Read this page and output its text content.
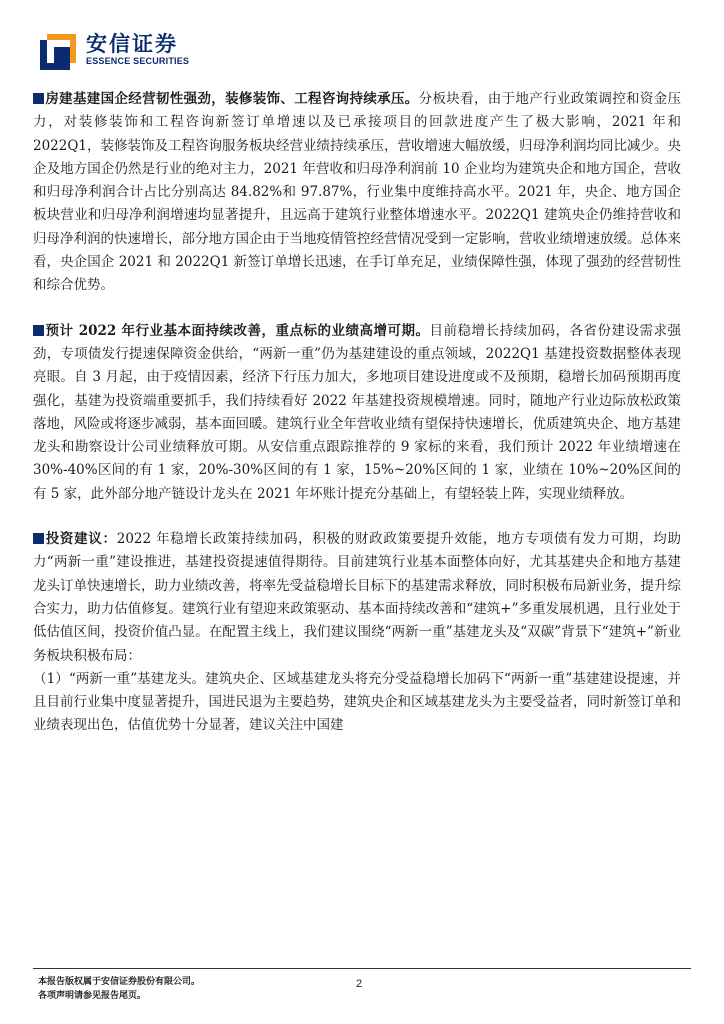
安信证券
ESSENCE SECURITIES

房建基建国企经营韧性强劲，装修装饰、工程咨询持续承压。分板块看，由于地产行业政策调控和资金压力，对装修装饰和工程咨询新签订单增速以及已承接项目的回款进度产生了极大影响，2021 年和 2022Q1，装修装饰及工程咨询服务板块经营业绩持续承压，营收增速大幅放缓，归母净利润均同比减少。央企及地方国企仍然是行业的绝对主力，2021 年营收和归母净利润前 10 企业均为建筑央企和地方国企，营收和归母净利润合计占比分别高达 84.82%和 97.87%，行业集中度维持高水平。2021 年，央企、地方国企板块营业和归母净利润增速均显著提升，且远高于建筑行业整体增速水平。2022Q1 建筑央企仍维持营收和归母净利润的快速增长，部分地方国企由于当地疫情管控经营情况受到一定影响，营收业绩增速放缓。总体来看，央企国企 2021 和 2022Q1 新签订单增长迅速，在手订单充足，业绩保障性强，体现了强劲的经营韧性和综合优势。

预计 2022 年行业基本面持续改善，重点标的业绩高增可期。目前稳增长持续加码，各省份建设需求强劲，专项债发行提速保障资金供给，“两新一重”仍为基建建设的重点领域，2022Q1 基建投资数据整体表现亮眼。自 3 月起，由于疫情因素，经济下行压力加大，多地项目建设进度或不及预期，稳增长加码预期再度强化，基建为投资端重要抓手，我们持续看好 2022 年基建投资规模增速。同时，随地产行业边际放松政策落地，风险或将逐步减弱，基本面回暖。建筑行业全年营收业绩有望保持快速增长，优质建筑央企、地方基建龙头和勘察设计公司业绩释放可期。从安信重点跟踪推荐的 9 家标的来看，我们预计 2022 年业绩增速在 30%-40%区间的有 1 家，20%-30%区间的有 1 家，15%~20%区间的 1 家，业绩在 10%~20%区间的有 5 家，此外部分地产链设计龙头在 2021 年坏账计提充分基础上，有望轻装上阵，实现业绩释放。

投资建议：2022 年稳增长政策持续加码，积极的财政政策要提升效能，地方专项债有发力可期，均助力“两新一重”建设推进，基建投资提速值得期待。目前建筑行业基本面整体向好，尤其基建央企和地方基建龙头订单快速增长，助力业绩改善，将率先受益稳增长目标下的基建需求释放，同时积极布局新业务，提升综合实力，助力估值修复。建筑行业有望迎来政策驱动、基本面持续改善和“建筑+”多重发展机遇，且行业处于低估值区间，投资价值凸显。在配置主线上，我们建议围绕“两新一重”基建龙头及“双碳”背景下“建筑+”新业务板块积极布局：

（1）“两新一重”基建龙头。建筑央企、区域基建龙头将充分受益稳增长加码下“两新一重”基建建设提速，并且目前行业集中度显著提升，国进民退为主要趋势，建筑央企和区域基建龙头为主要受益者，同时新签订单和业绩表现出色，估值优势十分显著，建议关注中国建

本报告版权属于安信证券股份有限公司。
各项声明请参见报告尾页。
2
